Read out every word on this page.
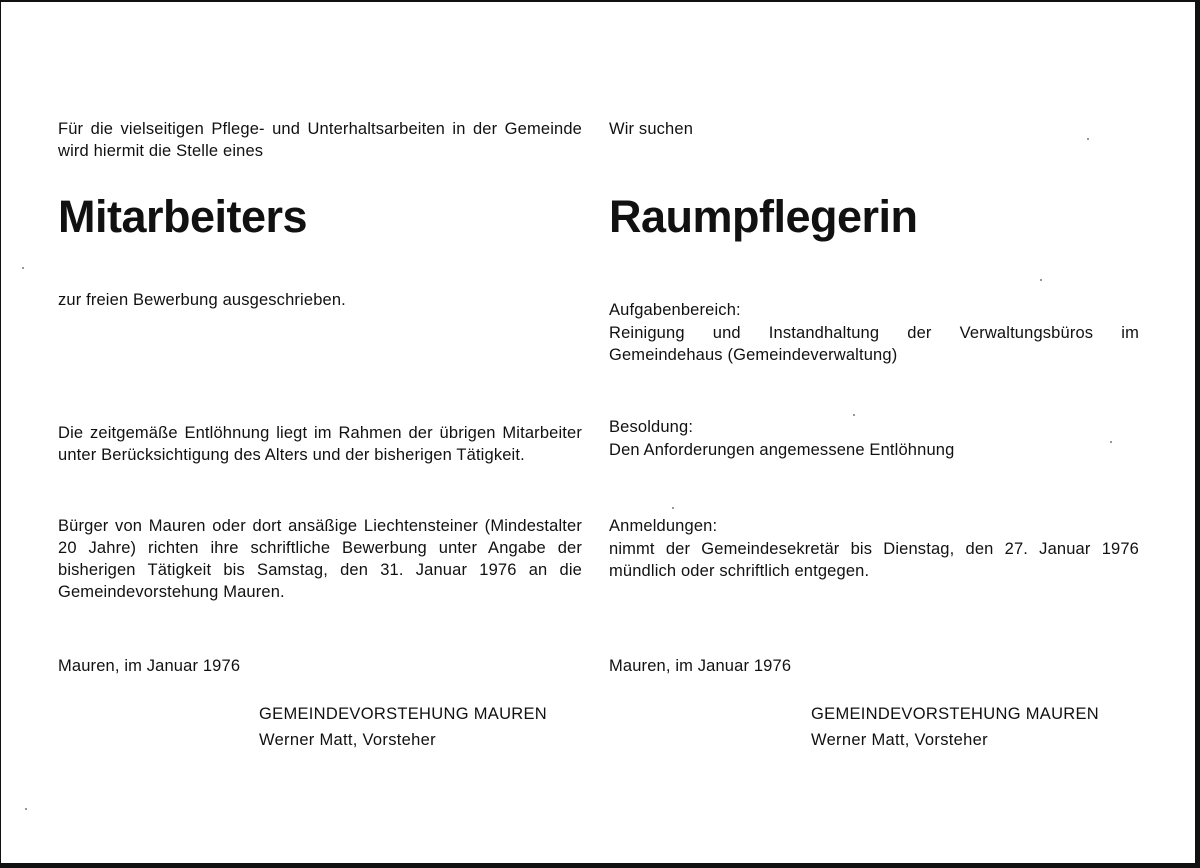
Für die vielseitigen Pflege- und Unterhaltsarbeiten in der Gemeinde wird hiermit die Stelle eines

Mitarbeiters

zur freien Bewerbung ausgeschrieben.

Die zeitgemäße Entlöhnung liegt im Rahmen der übrigen Mitarbeiter unter Berücksichtigung des Alters und der bisherigen Tätigkeit.

Bürger von Mauren oder dort ansäßige Liechtensteiner (Mindestalter 20 Jahre) richten ihre schriftliche Bewerbung unter Angabe der bisherigen Tätigkeit bis Samstag, den 31. Januar 1976 an die Gemeindevorstehung Mauren.

Mauren, im Januar 1976

GEMEINDEVORSTEHUNG MAUREN
Werner Matt, Vorsteher

Wir suchen

Raumpflegerin

Aufgabenbereich:

Reinigung und Instandhaltung der Verwaltungsbüros im Gemeindehaus (Gemeindeverwaltung)

Besoldung:

Den Anforderungen angemessene Entlöhnung

Anmeldungen:

nimmt der Gemeindesekretär bis Dienstag, den 27. Januar 1976 mündlich oder schriftlich entgegen.

Mauren, im Januar 1976

GEMEINDEVORSTEHUNG MAUREN
Werner Matt, Vorsteher
